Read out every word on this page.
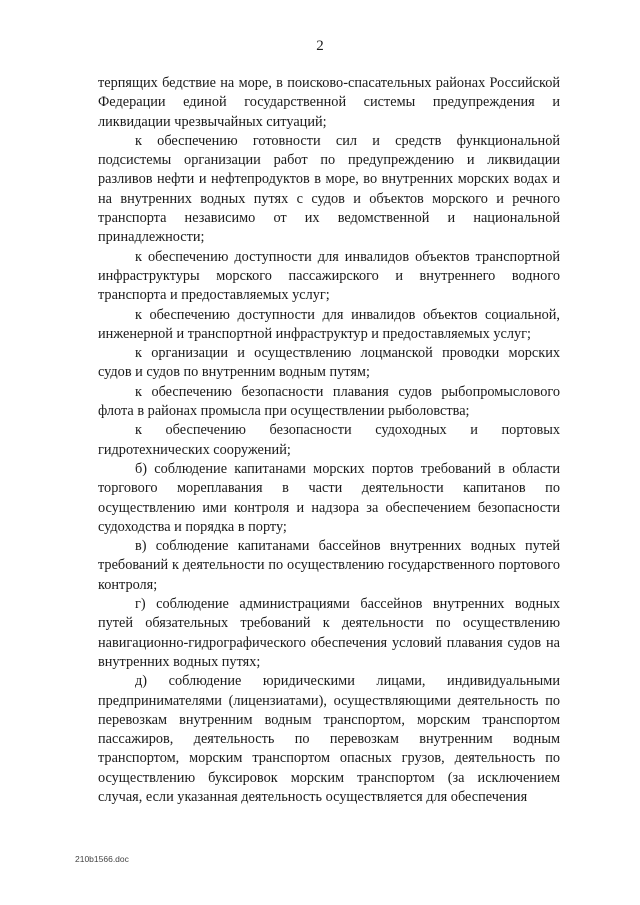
2

терпящих бедствие на море, в поисково-спасательных районах Российской Федерации единой государственной системы предупреждения и ликвидации чрезвычайных ситуаций;

к обеспечению готовности сил и средств функциональной подсистемы организации работ по предупреждению и ликвидации разливов нефти и нефтепродуктов в море, во внутренних морских водах и на внутренних водных путях с судов и объектов морского и речного транспорта независимо от их ведомственной и национальной принадлежности;

к обеспечению доступности для инвалидов объектов транспортной инфраструктуры морского пассажирского и внутреннего водного транспорта и предоставляемых услуг;

к обеспечению доступности для инвалидов объектов социальной, инженерной и транспортной инфраструктур и предоставляемых услуг;

к организации и осуществлению лоцманской проводки морских судов и судов по внутренним водным путям;

к обеспечению безопасности плавания судов рыбопромыслового флота в районах промысла при осуществлении рыболовства;

к обеспечению безопасности судоходных и портовых гидротехнических сооружений;

б) соблюдение капитанами морских портов требований в области торгового мореплавания в части деятельности капитанов по осуществлению ими контроля и надзора за обеспечением безопасности судоходства и порядка в порту;

в) соблюдение капитанами бассейнов внутренних водных путей требований к деятельности по осуществлению государственного портового контроля;

г) соблюдение администрациями бассейнов внутренних водных путей обязательных требований к деятельности по осуществлению навигационно-гидрографического обеспечения условий плавания судов на внутренних водных путях;

д) соблюдение юридическими лицами, индивидуальными предпринимателями (лицензиатами), осуществляющими деятельность по перевозкам внутренним водным транспортом, морским транспортом пассажиров, деятельность по перевозкам внутренним водным транспортом, морским транспортом опасных грузов, деятельность по осуществлению буксировок морским транспортом (за исключением случая, если указанная деятельность осуществляется для обеспечения

210b1566.doc
